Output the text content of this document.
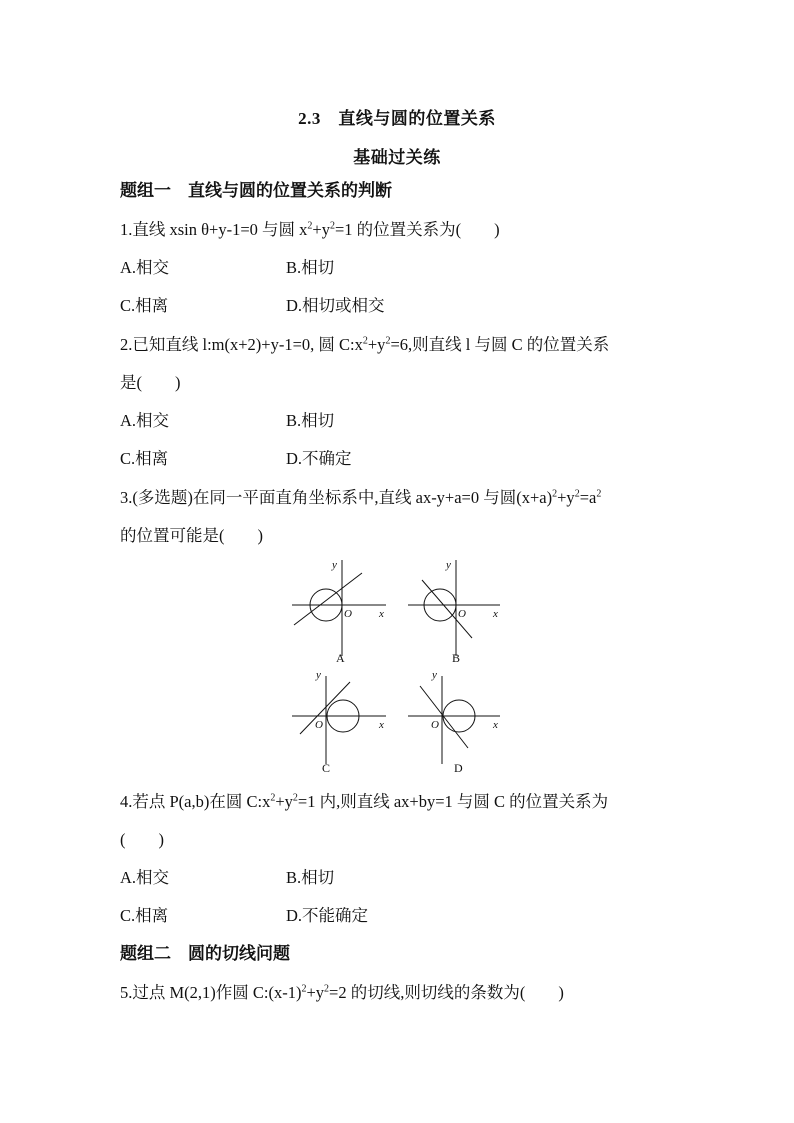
2.3　直线与圆的位置关系
基础过关练
题组一　直线与圆的位置关系的判断
1.直线 xsin θ+y-1=0 与圆 $x^2+y^2=1$ 的位置关系为(　　)
A.相交	B.相切
C.相离	D.相切或相交
2.已知直线 l:m(x+2)+y-1=0, 圆 $C:x^2+y^2=6$,则直线 l 与圆 C 的位置关系
是(　　)
A.相交	B.相切
C.相离	D.不确定
3.(多选题)在同一平面直角坐标系中,直线 ax-y+a=0 与圆$(x+a)^2+y^2=a^2$
的位置可能是(　　)
y
x
O
A
y
x
O
B
y
x
O
C
y
x
O
D
4.若点 P(a,b)在圆 $C:x^2+y^2=1$ 内,则直线 ax+by=1 与圆 C 的位置关系为
(　　)
A.相交	B.相切
C.相离	D.不能确定
题组二　圆的切线问题
5.过点 M(2,1)作圆 $C:(x-1)^2+y^2=2$ 的切线,则切线的条数为(　　)
